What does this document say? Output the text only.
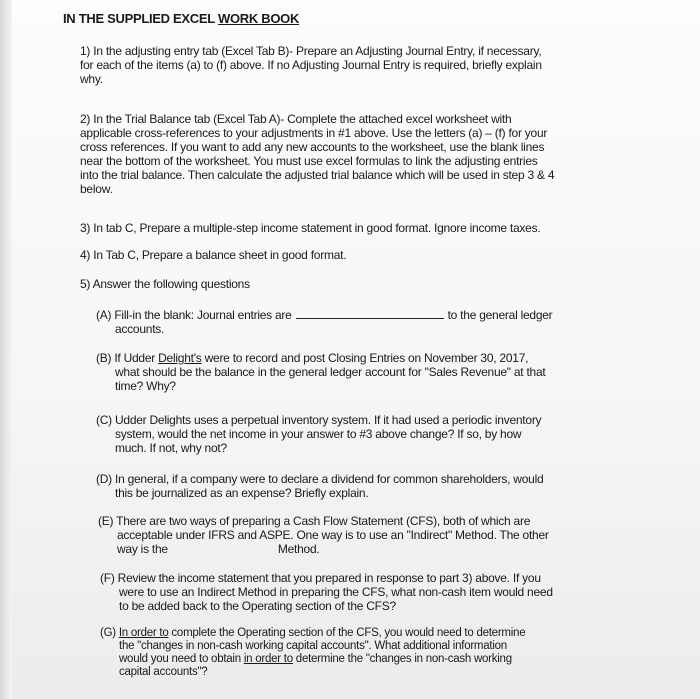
IN THE SUPPLIED EXCEL WORK BOOK
1) In the adjusting entry tab (Excel Tab B)- Prepare an Adjusting Journal Entry, if necessary,
for each of the items (a) to (f) above. If no Adjusting Journal Entry is required, briefly explain
why.
2) In the Trial Balance tab (Excel Tab A)- Complete the attached excel worksheet with
applicable cross-references to your adjustments in #1 above. Use the letters (a) – (f) for your
cross references. If you want to add any new accounts to the worksheet, use the blank lines
near the bottom of the worksheet. You must use excel formulas to link the adjusting entries
into the trial balance. Then calculate the adjusted trial balance which will be used in step 3 & 4
below.
3) In tab C, Prepare a multiple-step income statement in good format. Ignore income taxes.
4) In Tab C, Prepare a balance sheet in good format.
5) Answer the following questions
(A) Fill-in the blank: Journal entries are	to the general ledger
accounts.
(B) If Udder Delight's were to record and post Closing Entries on November 30, 2017,
what should be the balance in the general ledger account for "Sales Revenue" at that
time? Why?
(C) Udder Delights uses a perpetual inventory system. If it had used a periodic inventory
system, would the net income in your answer to #3 above change? If so, by how
much. If not, why not?
(D) In general, if a company were to declare a dividend for common shareholders, would
this be journalized as an expense? Briefly explain.
(E) There are two ways of preparing a Cash Flow Statement (CFS), both of which are
acceptable under IFRS and ASPE. One way is to use an "Indirect" Method. The other
way is the	Method.
(F) Review the income statement that you prepared in response to part 3) above. If you
were to use an Indirect Method in preparing the CFS, what non-cash item would need
to be added back to the Operating section of the CFS?
(G) In order to complete the Operating section of the CFS, you would need to determine
the "changes in non-cash working capital accounts". What additional information
would you need to obtain in order to determine the "changes in non-cash working
capital accounts"?
